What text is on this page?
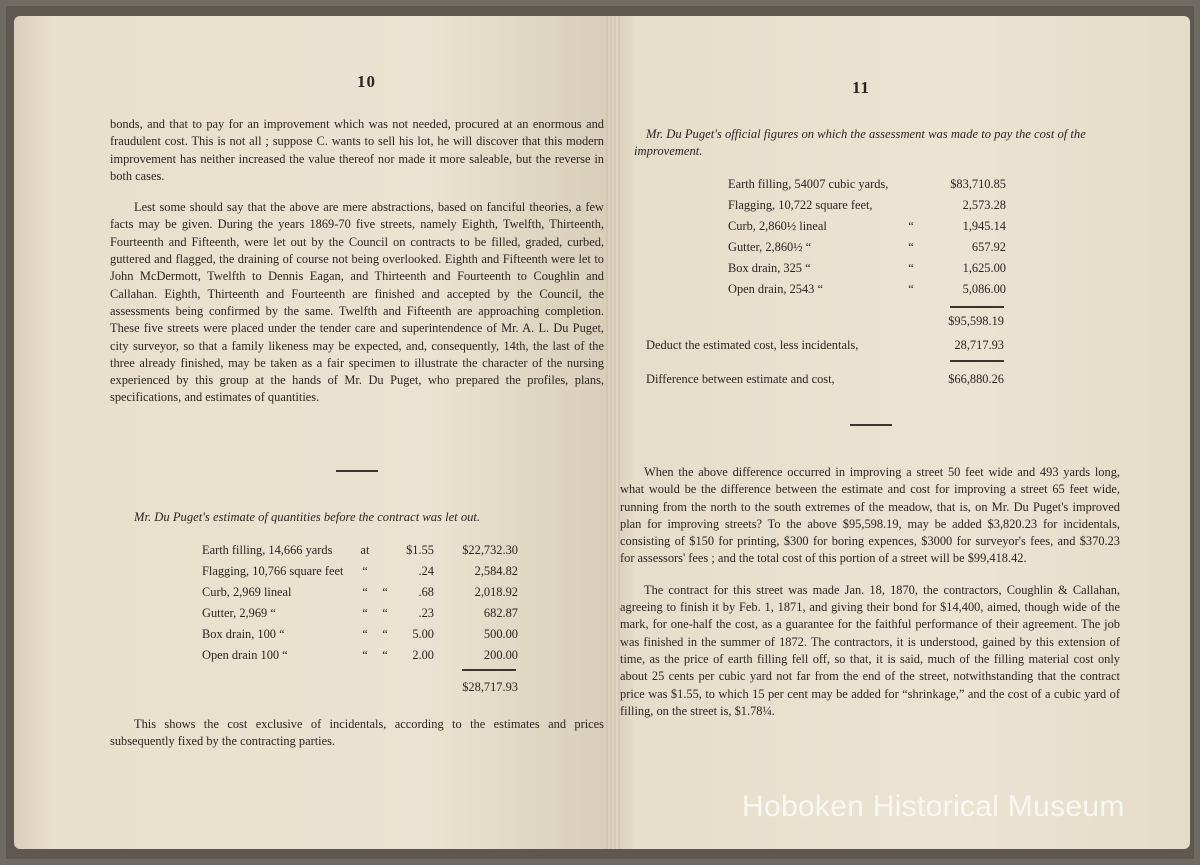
10

bonds, and that to pay for an improvement which was not needed, procured at an enormous and fraudulent cost. This is not all ; suppose C. wants to sell his lot, he will discover that this modern improvement has neither increased the value thereof nor made it more saleable, but the reverse in both cases.

Lest some should say that the above are mere abstractions, based on fanciful theories, a few facts may be given. During the years 1869-70 five streets, namely Eighth, Twelfth, Thirteenth, Fourteenth and Fifteenth, were let out by the Council on contracts to be filled, graded, curbed, guttered and flagged, the draining of course not being overlooked. Eighth and Fifteenth were let to John McDermott, Twelfth to Dennis Eagan, and Thirteenth and Fourteenth to Coughlin and Callahan. Eighth, Thirteenth and Fourteenth are finished and accepted by the Council, the assessments being confirmed by the same. Twelfth and Fifteenth are approaching completion. These five streets were placed under the tender care and superintendence of Mr. A. L. Du Puget, city surveyor, so that a family likeness may be expected, and, consequently, 14th, the last of the three already finished, may be taken as a fair specimen to illustrate the character of the nursing experienced by this group at the hands of Mr. Du Puget, who prepared the profiles, plans, specifications, and estimates of quantities.

Mr. Du Puget's estimate of quantities before the contract was let out.
Earth filling, 14,666 yards	at		$1.55	$22,732.30
Flagging, 10,766 square feet	“		.24	2,584.82
Curb, 2,969 lineal	“	“	.68	2,018.92
Gutter, 2,969 “	“	“	.23	682.87
Box drain, 100 “	“	“	5.00	500.00
Open drain 100 “	“	“	2.00	200.00
$28,717.93

This shows the cost exclusive of incidentals, according to the estimates and prices subsequently fixed by the contracting parties.

11
Mr. Du Puget's official figures on which the assessment was made to pay the cost of the improvement.
Earth filling, 54007 cubic yards,		$83,710.85
Flagging, 10,722 square feet,		2,573.28
Curb, 2,860½ lineal	“	1,945.14
Gutter, 2,860½ “	“	657.92
Box drain, 325 “	“	1,625.00
Open drain, 2543 “	“	5,086.00
$95,598.19
Deduct the estimated cost, less incidentals,	28,717.93
Difference between estimate and cost,	$66,880.26

When the above difference occurred in improving a street 50 feet wide and 493 yards long, what would be the difference between the estimate and cost for improving a street 65 feet wide, running from the north to the south extremes of the meadow, that is, on Mr. Du Puget's improved plan for improving streets? To the above $95,598.19, may be added $3,820.23 for incidentals, consisting of $150 for printing, $300 for boring expences, $3000 for surveyor's fees, and $370.23 for assessors' fees ; and the total cost of this portion of a street will be $99,418.42.

The contract for this street was made Jan. 18, 1870, the contractors, Coughlin & Callahan, agreeing to finish it by Feb. 1, 1871, and giving their bond for $14,400, aimed, though wide of the mark, for one-half the cost, as a guarantee for the faithful performance of their agreement. The job was finished in the summer of 1872. The contractors, it is understood, gained by this extension of time, as the price of earth filling fell off, so that, it is said, much of the filling material cost only about 25 cents per cubic yard not far from the end of the street, notwithstanding that the contract price was $1.55, to which 15 per cent may be added for “shrinkage,” and the cost of a cubic yard of filling, on the street is, $1.78¼.

Hoboken Historical Museum
